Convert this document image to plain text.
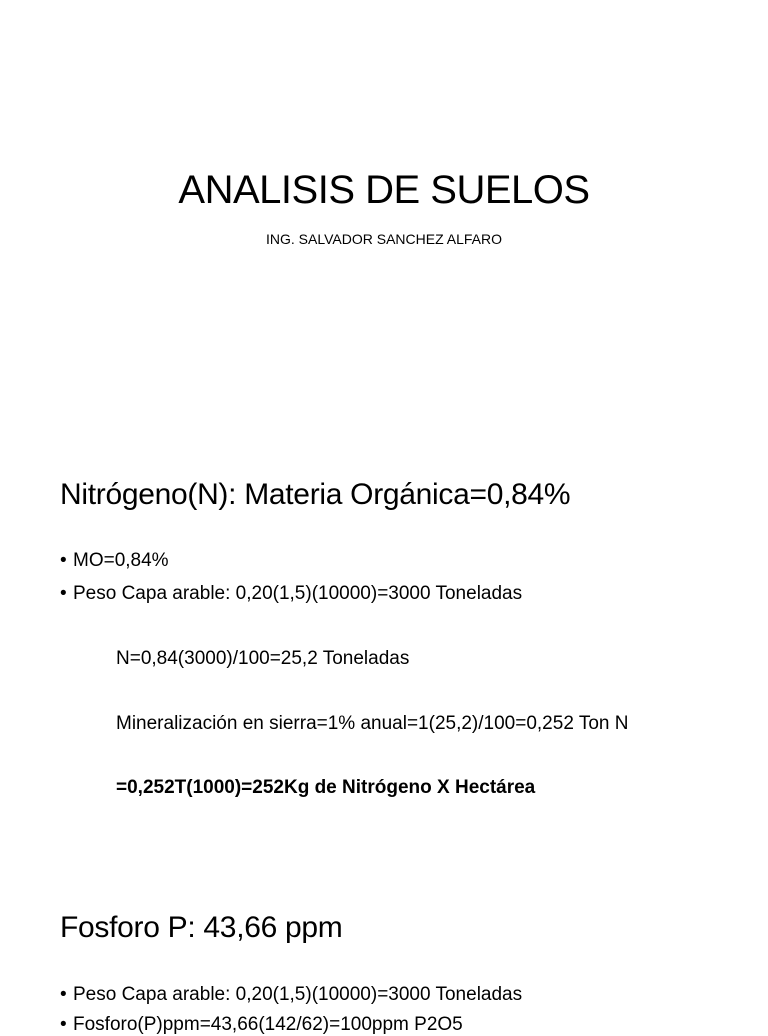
ANALISIS DE SUELOS
ING. SALVADOR SANCHEZ ALFARO
Nitrógeno(N): Materia Orgánica=0,84%
• MO=0,84%
• Peso Capa arable: 0,20(1,5)(10000)=3000 Toneladas
N=0,84(3000)/100=25,2 Toneladas
Mineralización en sierra=1% anual=1(25,2)/100=0,252 Ton N
=0,252T(1000)=252Kg de Nitrógeno X Hectárea
Fosforo P: 43,66 ppm
• Peso Capa arable: 0,20(1,5)(10000)=3000 Toneladas
• Fosforo(P)ppm=43,66(142/62)=100ppm P2O5
